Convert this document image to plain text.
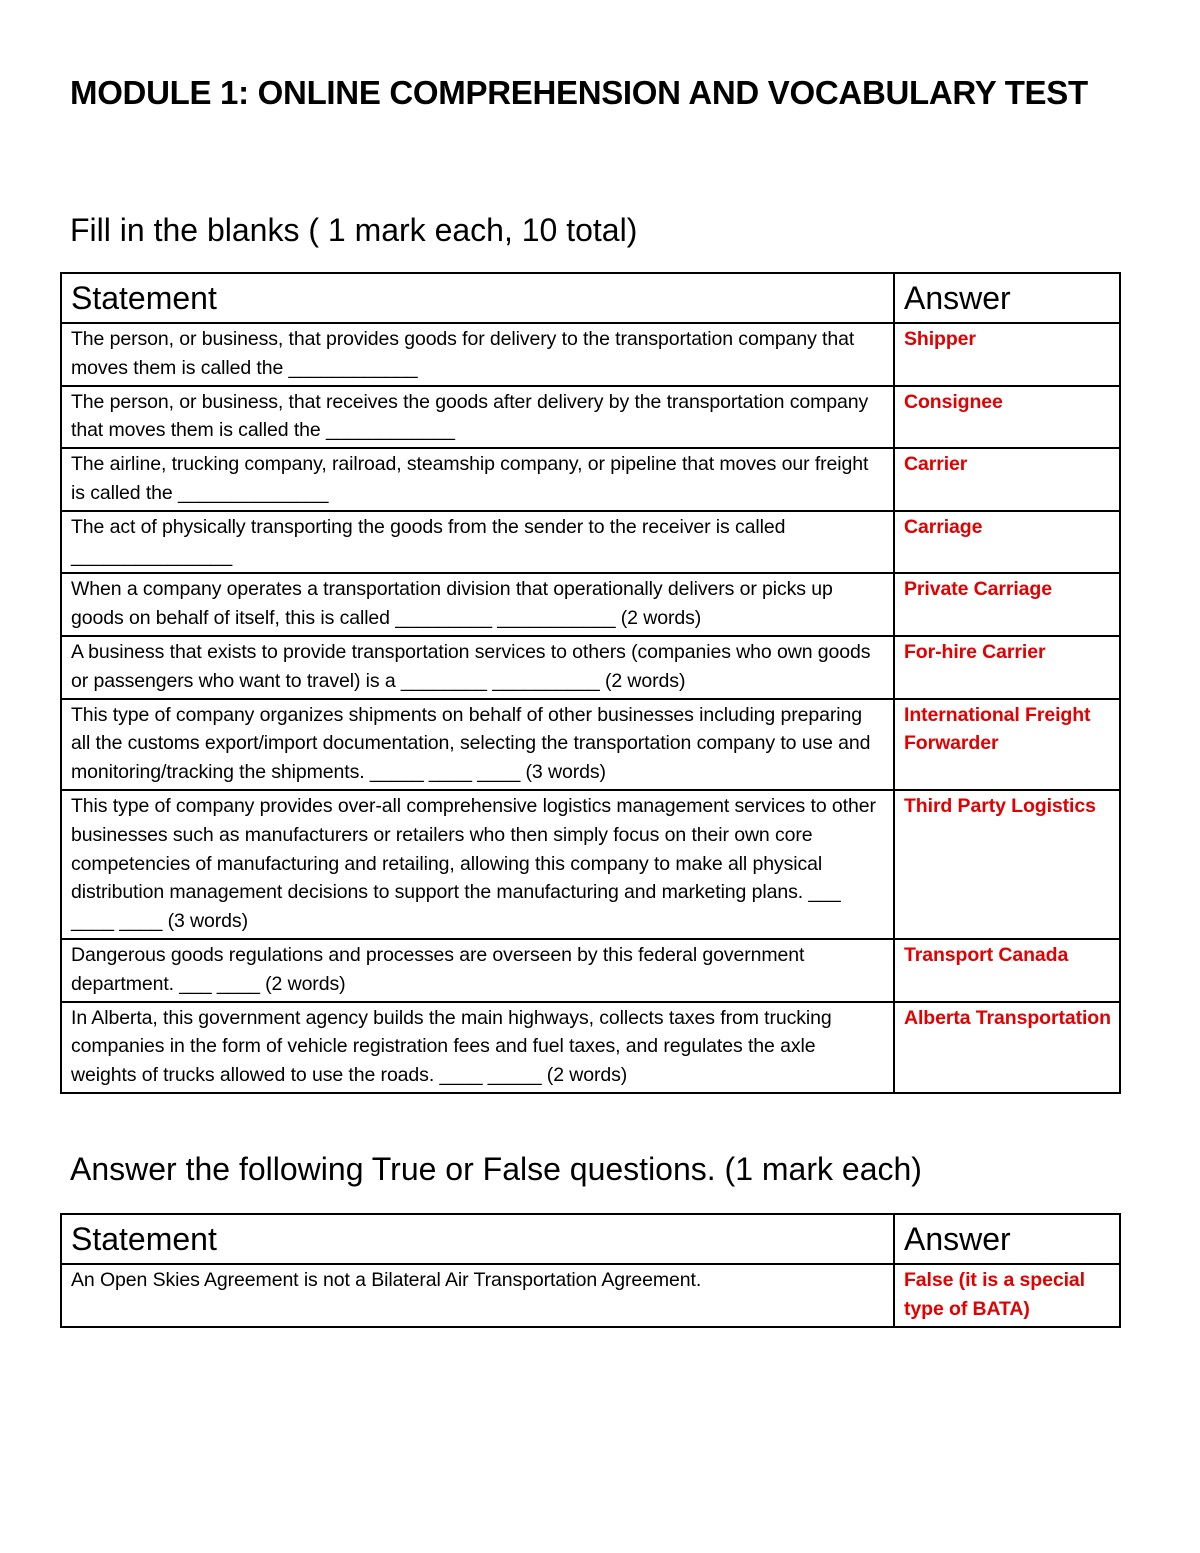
MODULE 1: ONLINE COMPREHENSION AND VOCABULARY TEST
Fill in the blanks ( 1 mark each, 10 total)
Statement	Answer
The person, or business, that provides goods for delivery to the transportation company that moves them is called the ____________	Shipper
The person, or business, that receives the goods after delivery by the transportation company that moves them is called the ____________	Consignee
The airline, trucking company, railroad, steamship company, or pipeline that moves our freight is called the ______________	Carrier
The act of physically transporting the goods from the sender to the receiver is called _______________	Carriage
When a company operates a transportation division that operationally delivers or picks up goods on behalf of itself, this is called _________ ___________ (2 words)	Private Carriage
A business that exists to provide transportation services to others (companies who own goods or passengers who want to travel) is a ________ __________ (2 words)	For-hire Carrier
This type of company organizes shipments on behalf of other businesses including preparing all the customs export/import documentation, selecting the transportation company to use and monitoring/tracking the shipments. _____ ____ ____ (3 words)	International Freight Forwarder
This type of company provides over-all comprehensive logistics management services to other businesses such as manufacturers or retailers who then simply focus on their own core competencies of manufacturing and retailing, allowing this company to make all physical distribution management decisions to support the manufacturing and marketing plans. ___ ____ ____ (3 words)	Third Party Logistics
Dangerous goods regulations and processes are overseen by this federal government department. ___ ____ (2 words)	Transport Canada
In Alberta, this government agency builds the main highways, collects taxes from trucking companies in the form of vehicle registration fees and fuel taxes, and regulates the axle weights of trucks allowed to use the roads. ____ _____ (2 words)	Alberta Transportation
Answer the following True or False questions. (1 mark each)
Statement	Answer
An Open Skies Agreement is not a Bilateral Air Transportation Agreement.	False (it is a special type of BATA)
